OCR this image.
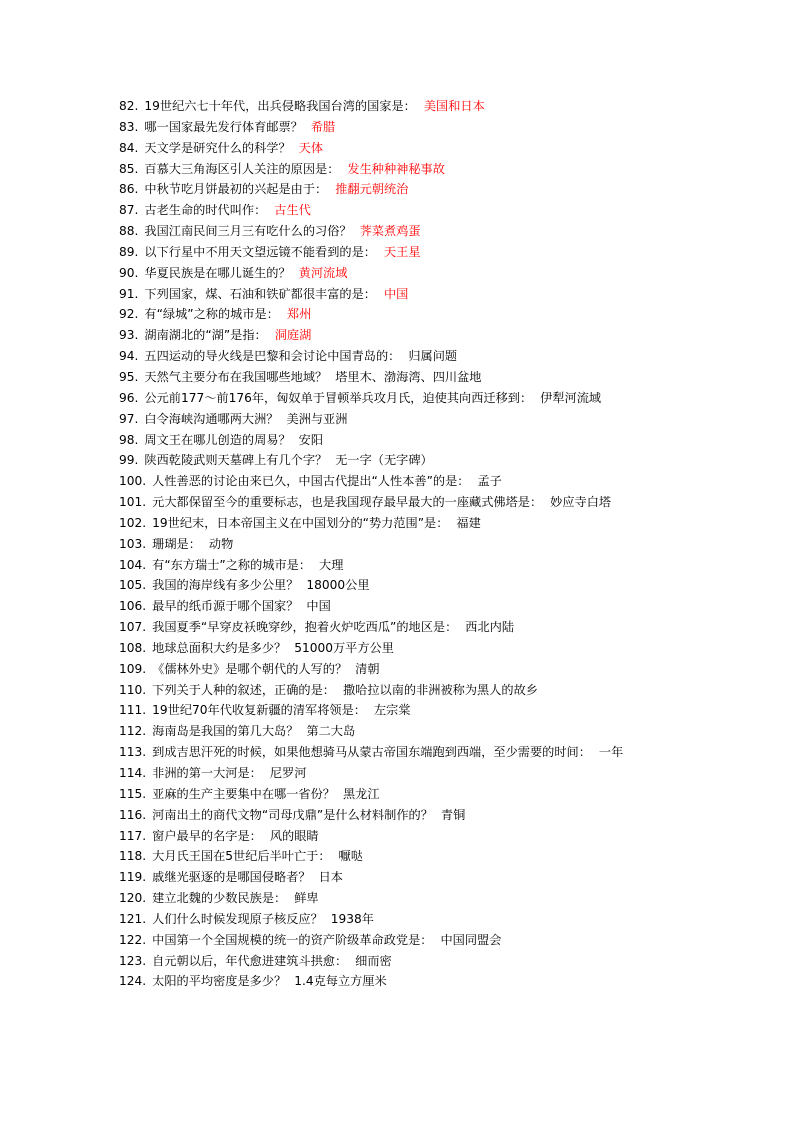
82. 19世纪六七十年代，出兵侵略我国台湾的国家是： 美国和日本
83. 哪一国家最先发行体育邮票？ 希腊
84. 天文学是研究什么的科学？ 天体
85. 百慕大三角海区引人关注的原因是： 发生种种神秘事故
86. 中秋节吃月饼最初的兴起是由于： 推翻元朝统治
87. 古老生命的时代叫作： 古生代
88. 我国江南民间三月三有吃什么的习俗？ 荠菜煮鸡蛋
89. 以下行星中不用天文望远镜不能看到的是： 天王星
90. 华夏民族是在哪儿诞生的？ 黄河流域
91. 下列国家，煤、石油和铁矿都很丰富的是： 中国
92. 有“绿城”之称的城市是： 郑州
93. 湖南湖北的“湖”是指： 洞庭湖
94. 五四运动的导火线是巴黎和会讨论中国青岛的： 归属问题
95. 天然气主要分布在我国哪些地域？ 塔里木、渤海湾、四川盆地
96. 公元前177～前176年，匈奴单于冒顿举兵攻月氏，迫使其向西迁移到： 伊犁河流域
97. 白令海峡沟通哪两大洲？ 美洲与亚洲
98. 周文王在哪儿创造的周易？ 安阳
99. 陕西乾陵武则天墓碑上有几个字？ 无一字（无字碑）
100. 人性善恶的讨论由来已久，中国古代提出“人性本善”的是： 孟子
101. 元大都保留至今的重要标志，也是我国现存最早最大的一座藏式佛塔是： 妙应寺白塔
102. 19世纪末，日本帝国主义在中国划分的“势力范围”是： 福建
103. 珊瑚是： 动物
104. 有“东方瑞士”之称的城市是： 大理
105. 我国的海岸线有多少公里？ 18000公里
106. 最早的纸币源于哪个国家？ 中国
107. 我国夏季“早穿皮袄晚穿纱，抱着火炉吃西瓜”的地区是： 西北内陆
108. 地球总面积大约是多少？ 51000万平方公里
109. 《儒林外史》是哪个朝代的人写的？ 清朝
110. 下列关于人种的叙述，正确的是： 撒哈拉以南的非洲被称为黑人的故乡
111. 19世纪70年代收复新疆的清军将领是： 左宗棠
112. 海南岛是我国的第几大岛？ 第二大岛
113. 到成吉思汗死的时候，如果他想骑马从蒙古帝国东端跑到西端，至少需要的时间： 一年
114. 非洲的第一大河是： 尼罗河
115. 亚麻的生产主要集中在哪一省份？ 黑龙江
116. 河南出土的商代文物“司母戊鼎”是什么材料制作的？ 青铜
117. 窗户最早的名字是： 风的眼睛
118. 大月氏王国在5世纪后半叶亡于： 嚈哒
119. 戚继光驱逐的是哪国侵略者？ 日本
120. 建立北魏的少数民族是： 鲜卑
121. 人们什么时候发现原子核反应？ 1938年
122. 中国第一个全国规模的统一的资产阶级革命政党是： 中国同盟会
123. 自元朝以后，年代愈进建筑斗拱愈： 细而密
124. 太阳的平均密度是多少？ 1.4克每立方厘米
